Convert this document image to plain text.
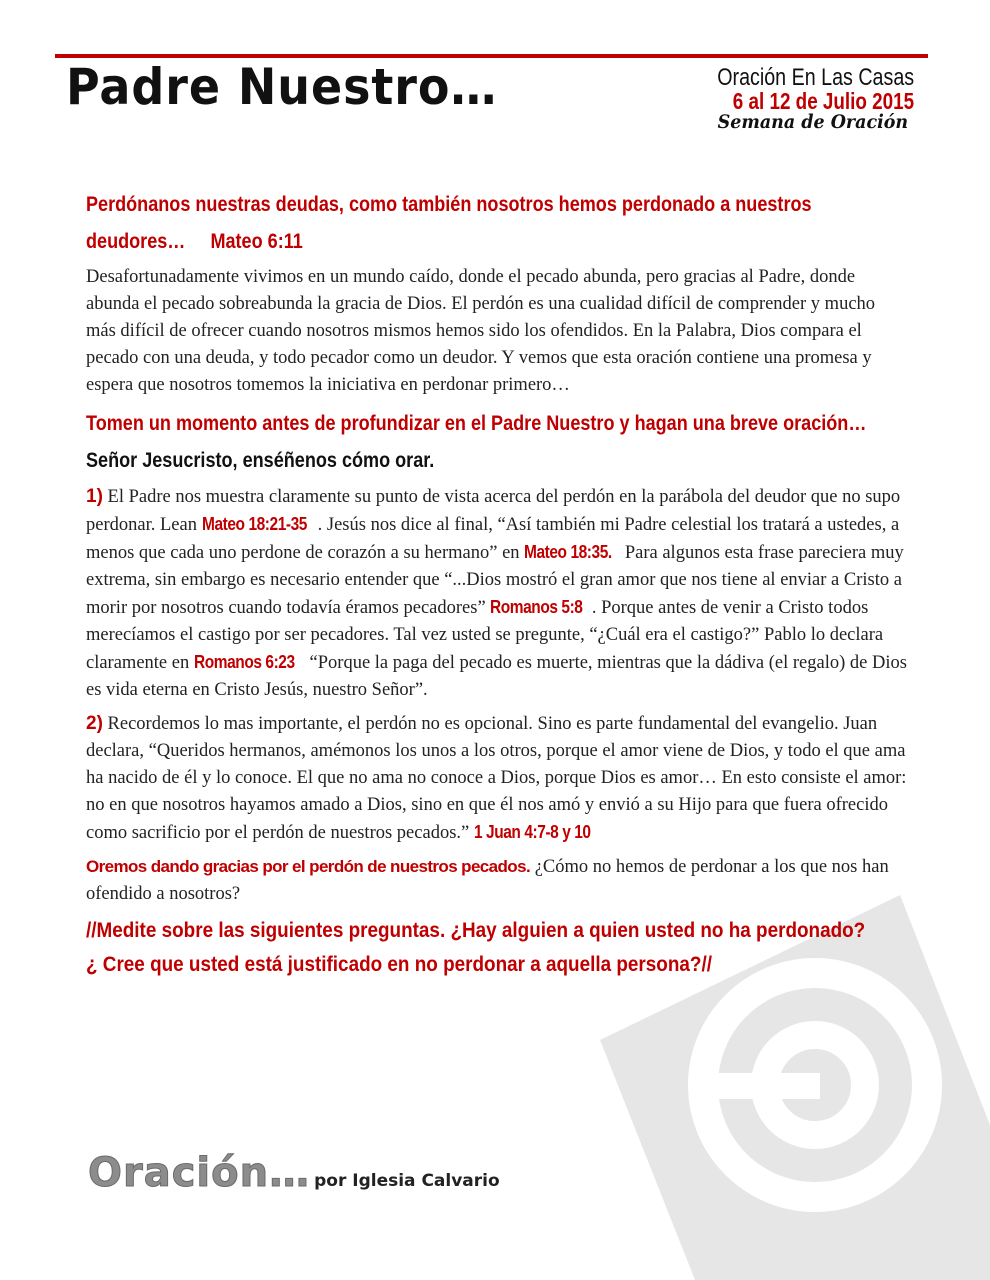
Padre Nuestro…	Oración En Las Casas
6 al 12 de Julio 2015
Semana de Oración
Perdónanos nuestras deudas, como también nosotros hemos perdonado a nuestros deudores… Mateo 6:11

Desafortunadamente vivimos en un mundo caído, donde el pecado abunda, pero gracias al Padre, donde abunda el pecado sobreabunda la gracia de Dios. El perdón es una cualidad difícil de comprender y mucho más difícil de ofrecer cuando nosotros mismos hemos sido los ofendidos. En la Palabra, Dios compara el pecado con una deuda, y todo pecador como un deudor. Y vemos que esta oración contiene una promesa y espera que nosotros tomemos la iniciativa en perdonar primero…

Tomen un momento antes de profundizar en el Padre Nuestro y hagan una breve oración… Señor Jesucristo, enséñenos cómo orar.

1) El Padre nos muestra claramente su punto de vista acerca del perdón en la parábola del deudor que no supo perdonar. Lean Mateo 18:21-35 . Jesús nos dice al final, “Así también mi Padre celestial los tratará a ustedes, a menos que cada uno perdone de corazón a su hermano” en Mateo 18:35. Para algunos esta frase pareciera muy extrema, sin embargo es necesario entender que “...Dios mostró el gran amor que nos tiene al enviar a Cristo a morir por nosotros cuando todavía éramos pecadores” Romanos 5:8 . Porque antes de venir a Cristo todos merecíamos el castigo por ser pecadores. Tal vez usted se pregunte, “¿Cuál era el castigo?” Pablo lo declara claramente en Romanos 6:23 “Porque la paga del pecado es muerte, mientras que la dádiva (el regalo) de Dios es vida eterna en Cristo Jesús, nuestro Señor”.

2) Recordemos lo mas importante, el perdón no es opcional. Sino es parte fundamental del evangelio. Juan declara, “Queridos hermanos, amémonos los unos a los otros, porque el amor viene de Dios, y todo el que ama ha nacido de él y lo conoce. El que no ama no conoce a Dios, porque Dios es amor… En esto consiste el amor: no en que nosotros hayamos amado a Dios, sino en que él nos amó y envió a su Hijo para que fuera ofrecido como sacrificio por el perdón de nuestros pecados.” 1 Juan 4:7-8 y 10

Oremos dando gracias por el perdón de nuestros pecados. ¿Cómo no hemos de perdonar a los que nos han ofendido a nosotros?

//Medite sobre las siguientes preguntas. ¿Hay alguien a quien usted no ha perdonado?
¿ Cree que usted está justificado en no perdonar a aquella persona?//
Oración… por Iglesia Calvario
